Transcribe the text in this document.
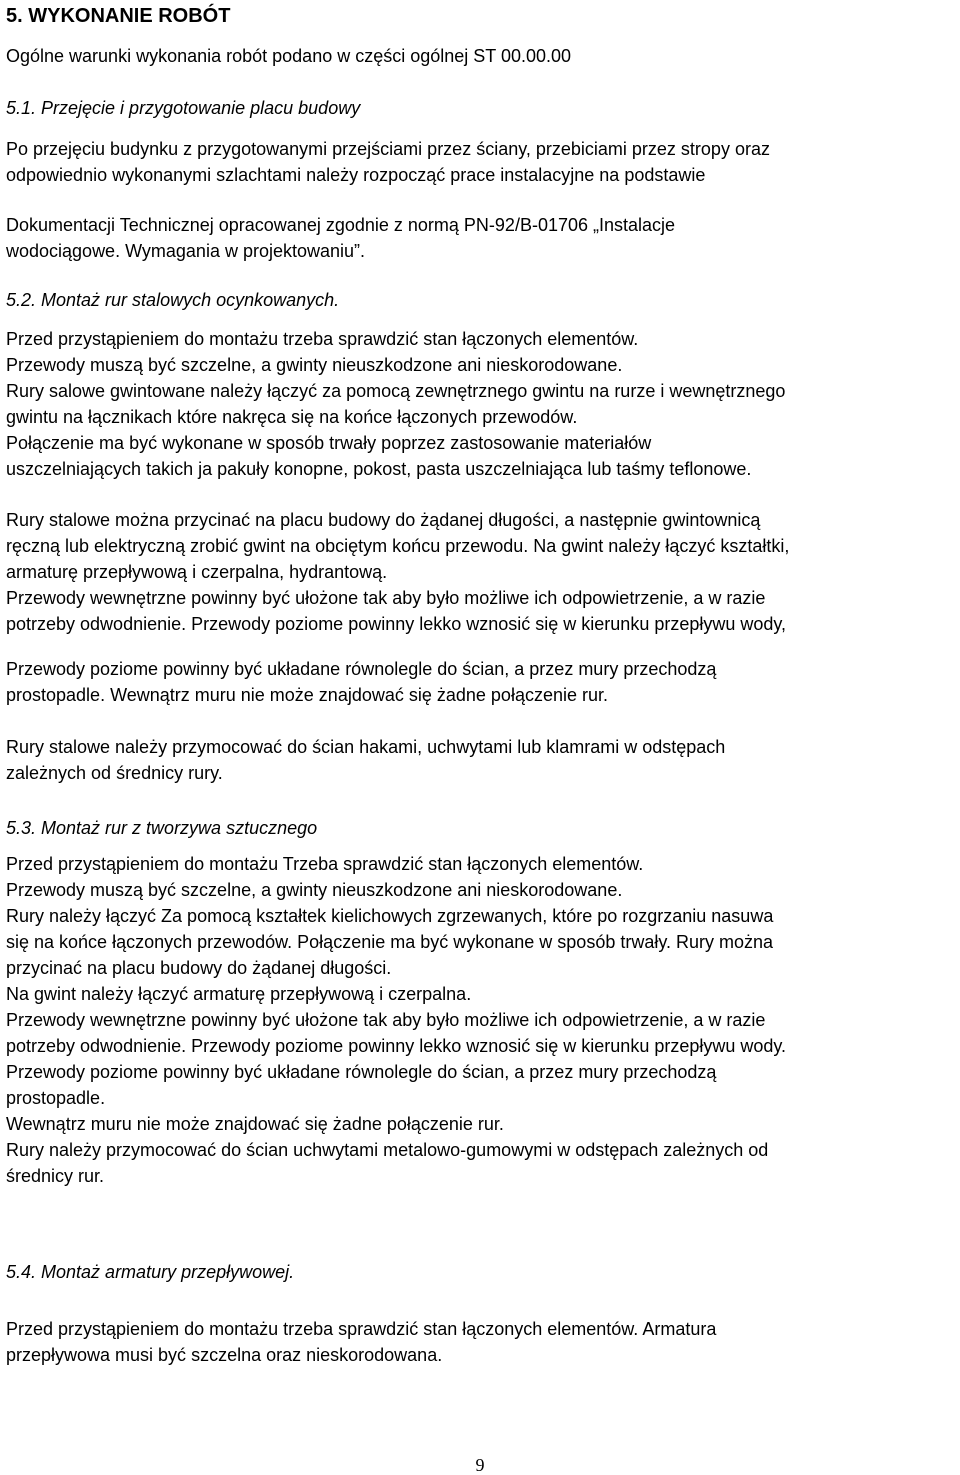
5. WYKONANIE ROBÓT

Ogólne warunki wykonania robót podano w części ogólnej ST 00.00.00

5.1. Przejęcie i przygotowanie placu budowy

Po przejęciu budynku z przygotowanymi przejściami przez ściany, przebiciami przez stropy oraz
odpowiednio wykonanymi szlachtami należy rozpocząć prace instalacyjne na podstawie

Dokumentacji Technicznej opracowanej zgodnie z normą PN-92/B-01706 „Instalacje
wodociągowe. Wymagania w projektowaniu”.

5.2. Montaż rur stalowych ocynkowanych.

Przed przystąpieniem do montażu trzeba sprawdzić stan łączonych elementów.
Przewody muszą być szczelne, a gwinty nieuszkodzone ani nieskorodowane.
Rury salowe gwintowane należy łączyć za pomocą zewnętrznego gwintu na rurze i wewnętrznego
gwintu na łącznikach które nakręca się na końce łączonych przewodów.
Połączenie ma być wykonane w sposób trwały poprzez zastosowanie materiałów
uszczelniających takich ja pakuły konopne, pokost, pasta uszczelniająca lub taśmy teflonowe.

Rury stalowe można przycinać na placu budowy do żądanej długości, a następnie gwintownicą
ręczną lub elektryczną zrobić gwint na obciętym końcu przewodu. Na gwint należy łączyć kształtki,
armaturę przepływową i czerpalna, hydrantową.
Przewody wewnętrzne powinny być ułożone tak aby było możliwe ich odpowietrzenie, a w razie
potrzeby odwodnienie. Przewody poziome powinny lekko wznosić się w kierunku przepływu wody,

Przewody poziome powinny być układane równolegle do ścian, a przez mury przechodzą
prostopadle. Wewnątrz muru nie może znajdować się żadne połączenie rur.

Rury stalowe należy przymocować do ścian hakami, uchwytami lub klamrami w odstępach
zależnych od średnicy rury.

5.3. Montaż rur z tworzywa sztucznego

Przed przystąpieniem do montażu Trzeba sprawdzić stan łączonych elementów.
Przewody muszą być szczelne, a gwinty nieuszkodzone ani nieskorodowane.
Rury należy łączyć Za pomocą kształtek kielichowych zgrzewanych, które po rozgrzaniu nasuwa
się na końce łączonych przewodów. Połączenie ma być wykonane w sposób trwały. Rury można
przycinać na placu budowy do żądanej długości.
Na gwint należy łączyć armaturę przepływową i czerpalna.
Przewody wewnętrzne powinny być ułożone tak aby było możliwe ich odpowietrzenie, a w razie
potrzeby odwodnienie. Przewody poziome powinny lekko wznosić się w kierunku przepływu wody.
Przewody poziome powinny być układane równolegle do ścian, a przez mury przechodzą
prostopadle.
Wewnątrz muru nie może znajdować się żadne połączenie rur.
Rury należy przymocować do ścian uchwytami metalowo-gumowymi w odstępach zależnych od
średnicy rur.

5.4. Montaż armatury przepływowej.

Przed przystąpieniem do montażu trzeba sprawdzić stan łączonych elementów. Armatura
przepływowa musi być szczelna oraz nieskorodowana.

9
